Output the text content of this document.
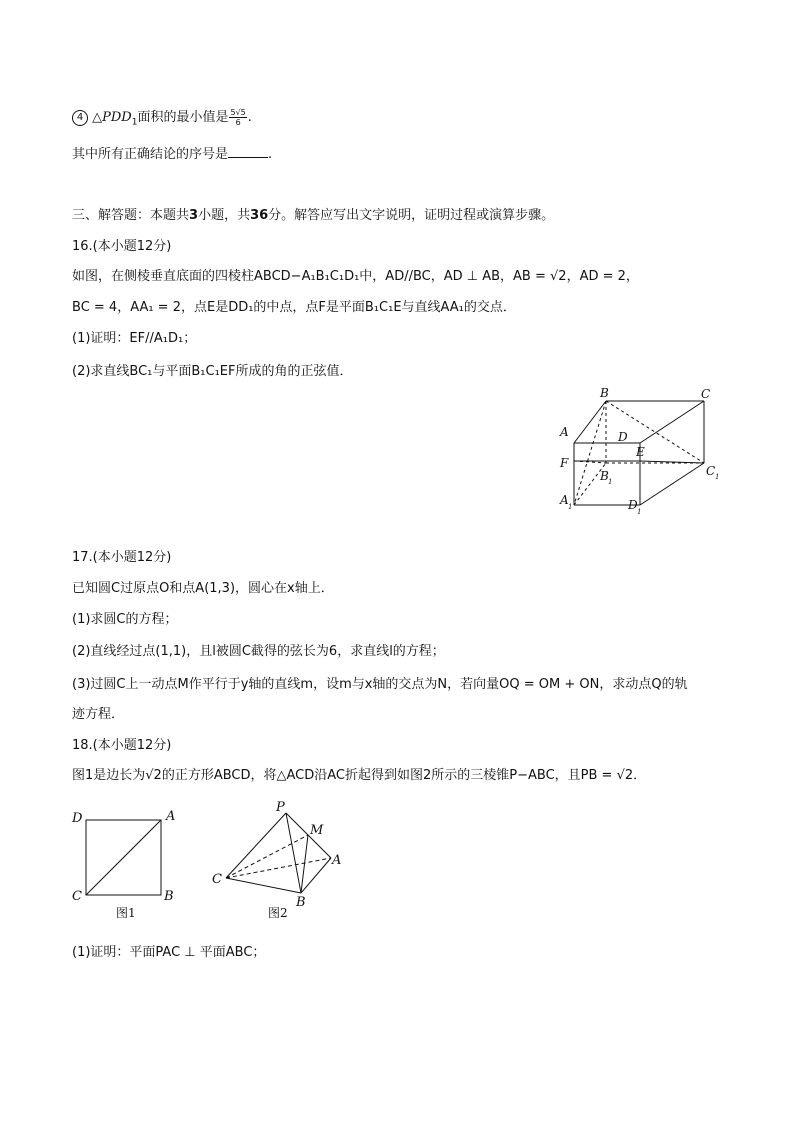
4 $\triangle PDD_1$面积的最小值是 $\frac{5√5}{6}$ .
其中所有正确结论的序号是	.
三、解答题：本题共3小题，共36分。解答应写出文字说明，证明过程或演算步骤。
16.(本小题12分)
如图，在侧棱垂直底面的四棱柱ABCD−A₁B₁C₁D₁中，AD//BC，AD ⊥ AB，AB = √2，AD = 2，
BC = 4，AA₁ = 2，点E是DD₁的中点，点F是平面B₁C₁E与直线AA₁的交点．
(1)证明：EF//A₁D₁；
(2)求直线BC₁与平面B₁C₁EF所成的角的正弦值．
B	C
A	D
E
F
C 1
B 1
A 1	D 1
17.(本小题12分)
已知圆C过原点O和点A(1,3)，圆心在x轴上．
(1)求圆C的方程；
(2)直线经过点(1,1)，且l被圆C截得的弦长为6，求直线l的方程；
(3)过圆C上一动点M作平行于y轴的直线m，设m与x轴的交点为N，若向量OQ = OM + ON，求动点Q的轨
迹方程．
18.(本小题12分)
图1是边长为√2的正方形ABCD，将△ACD沿AC折起得到如图2所示的三棱锥P−ABC，且PB = √2．
D	A
C	B
图1
P
M
A
C
B
图2
(1)证明：平面PAC ⊥ 平面ABC；
